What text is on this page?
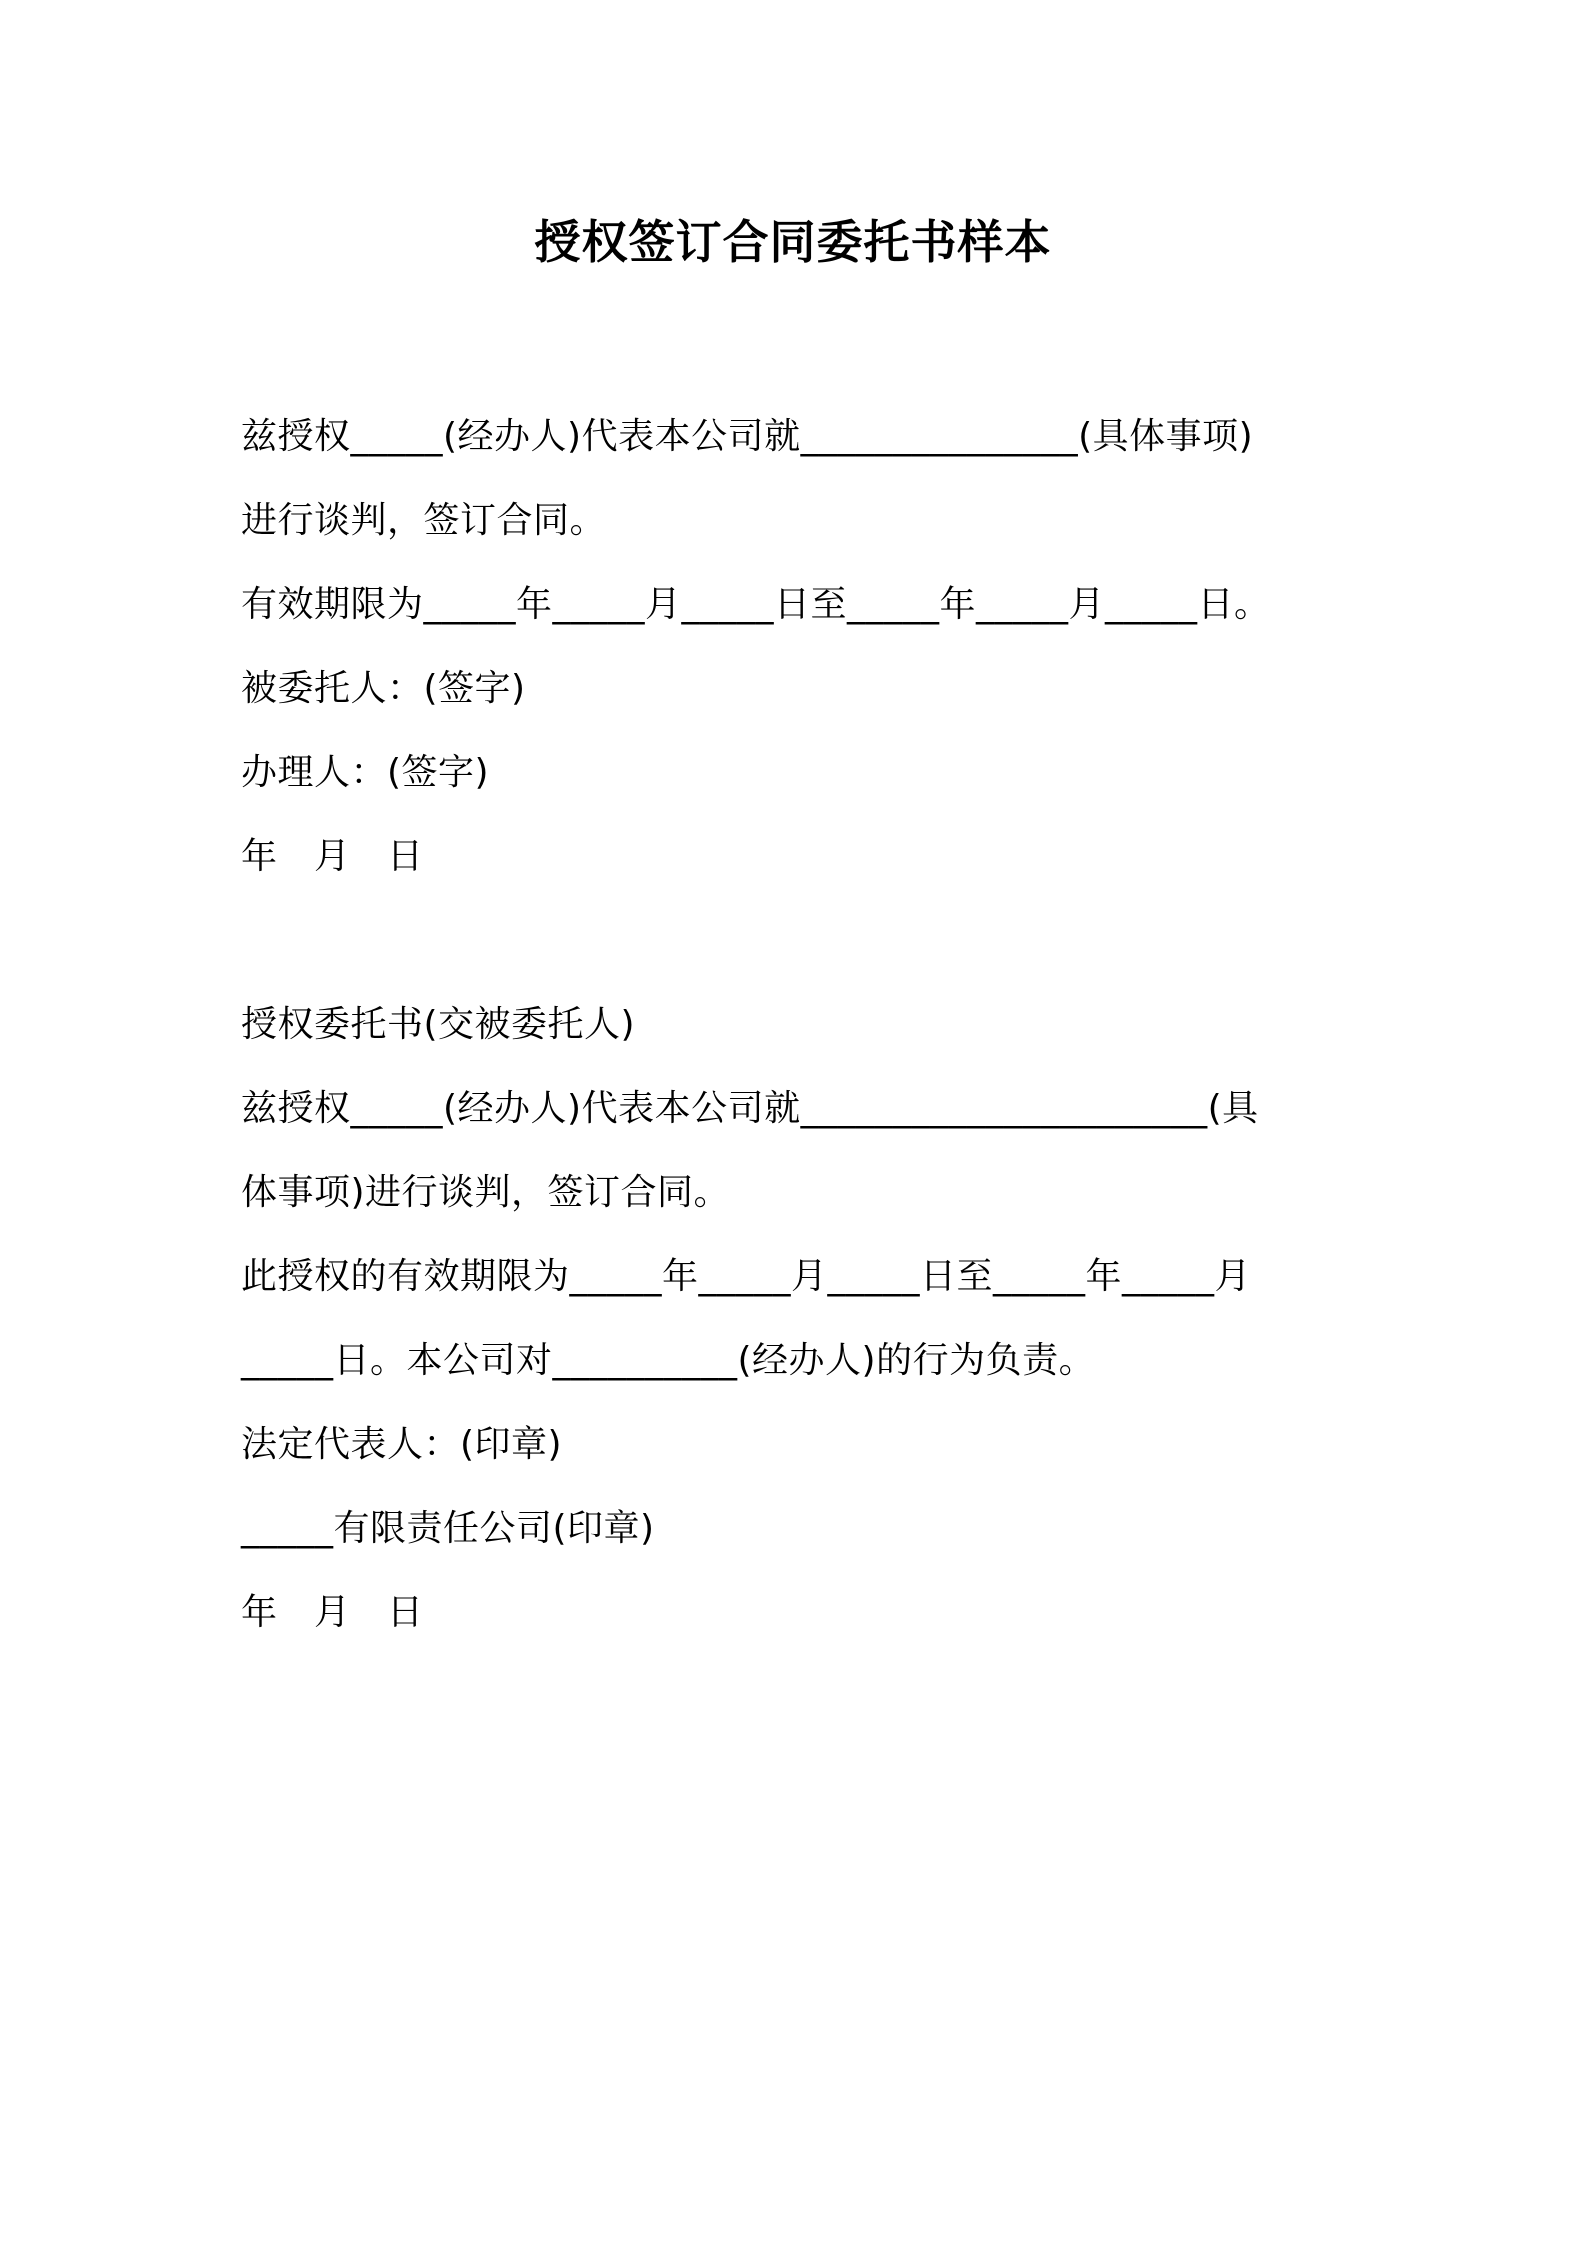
授权签订合同委托书样本
兹授权_____(经办人)代表本公司就_______________(具体事项)
进行谈判，签订合同。
有效期限为_____年_____月_____日至_____年_____月_____日。
被委托人：(签字)
办理人：(签字)
年　月　日
授权委托书(交被委托人)
兹授权_____(经办人)代表本公司就______________________(具
体事项)进行谈判，签订合同。
此授权的有效期限为_____年_____月_____日至_____年_____月
_____日。本公司对__________(经办人)的行为负责。
法定代表人：(印章)
_____有限责任公司(印章)
年　月　日
